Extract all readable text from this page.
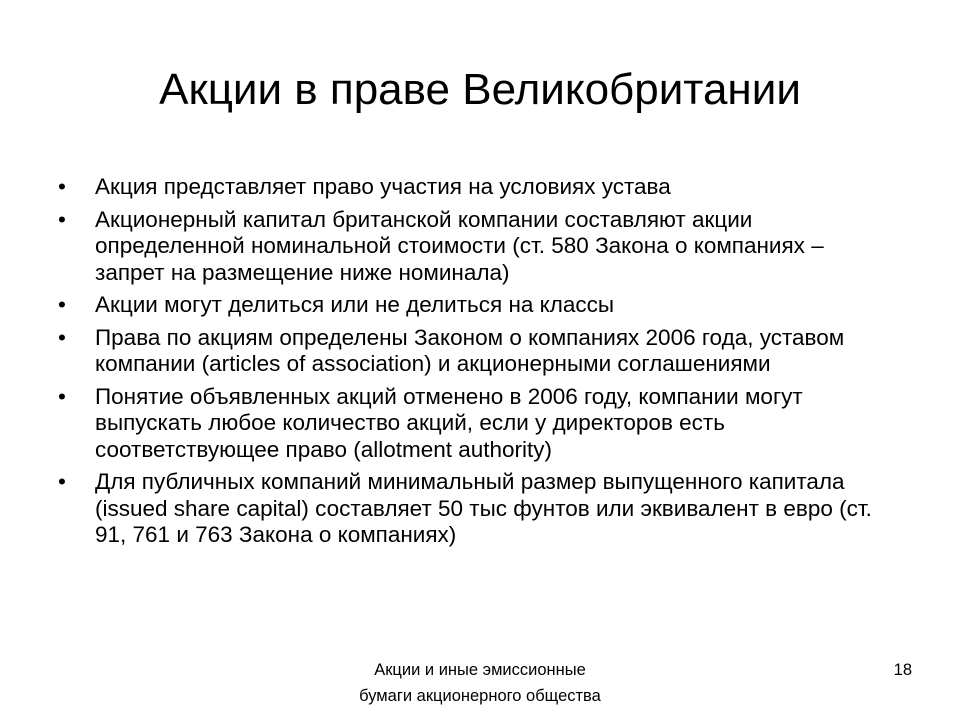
Акции в праве Великобритании
•	Акция представляет право участия на условиях устава
•	Акционерный капитал британской компании составляют акции определенной номинальной стоимости (ст. 580 Закона о компаниях – запрет на размещение ниже номинала)
•	Акции могут делиться или не делиться на классы
•	Права по акциям определены Законом о компаниях 2006 года, уставом компании (articles of association) и акционерными соглашениями
•	Понятие объявленных акций отменено в 2006 году, компании могут выпускать любое количество акций, если у директоров есть соответствующее право (allotment authority)
•	Для публичных компаний минимальный размер выпущенного капитала (issued share capital) составляет 50 тыс фунтов или эквивалент в евро (ст. 91, 761 и 763 Закона о компаниях)
Акции и иные эмиссионные
бумаги акционерного общества
18
